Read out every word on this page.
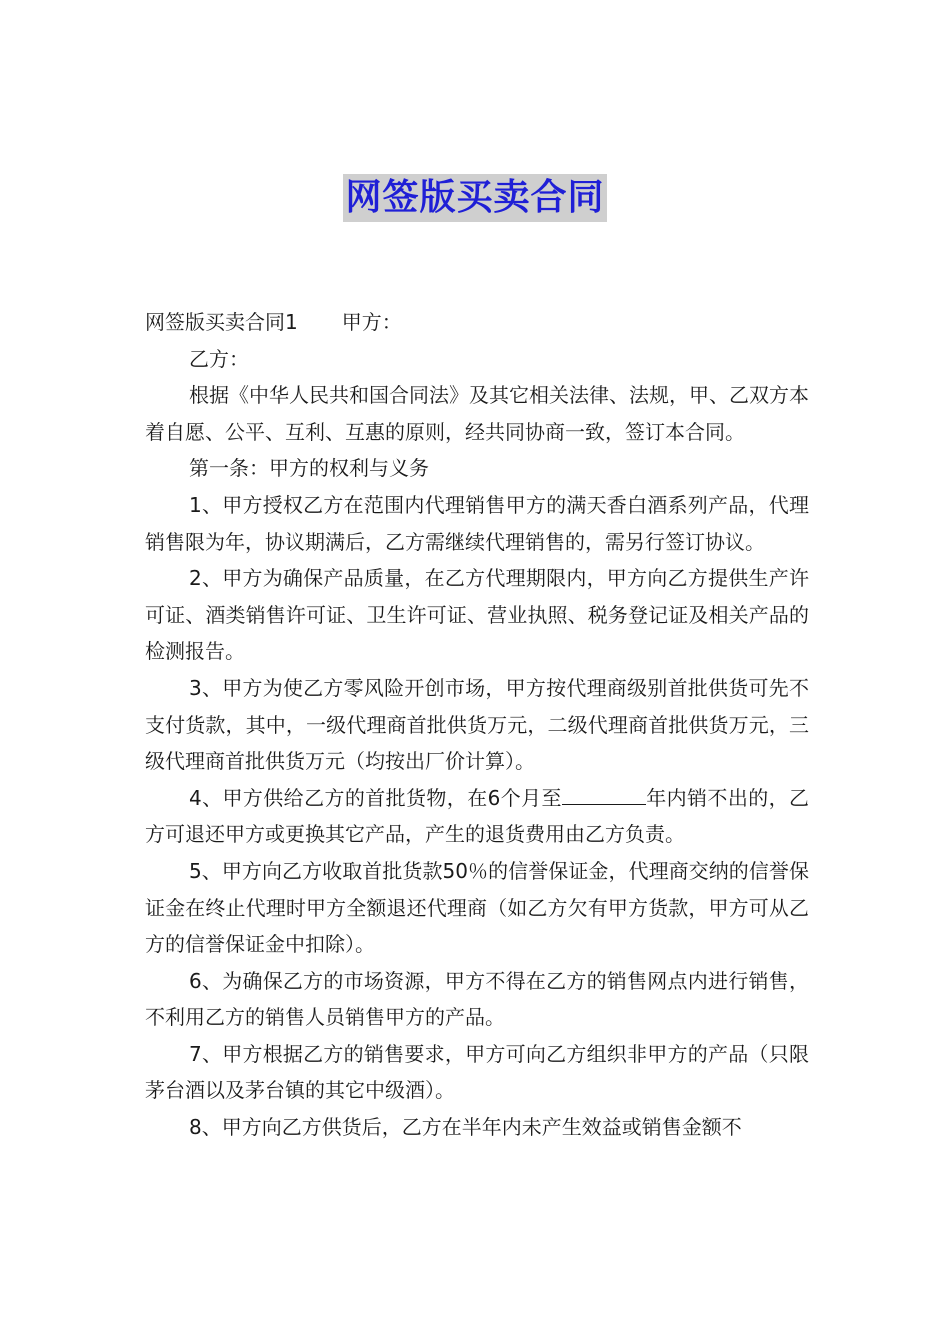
网签版买卖合同

网签版买卖合同1 甲方：

乙方：

根据《中华人民共和国合同法》及其它相关法律、法规，甲、乙双方本着自愿、公平、互利、互惠的原则，经共同协商一致，签订本合同。

第一条：甲方的权利与义务

1、甲方授权乙方在范围内代理销售甲方的满天香白酒系列产品，代理销售限为年，协议期满后，乙方需继续代理销售的，需另行签订协议。

2、甲方为确保产品质量，在乙方代理期限内，甲方向乙方提供生产许可证、酒类销售许可证、卫生许可证、营业执照、税务登记证及相关产品的检测报告。

3、甲方为使乙方零风险开创市场，甲方按代理商级别首批供货可先不支付货款，其中，一级代理商首批供货万元，二级代理商首批供货万元，三级代理商首批供货万元（均按出厂价计算）。

4、甲方供给乙方的首批货物，在6个月至	年内销不出的，乙方可退还甲方或更换其它产品，产生的退货费用由乙方负责。

5、甲方向乙方收取首批货款50％的信誉保证金，代理商交纳的信誉保证金在终止代理时甲方全额退还代理商（如乙方欠有甲方货款，甲方可从乙方的信誉保证金中扣除）。

6、为确保乙方的市场资源，甲方不得在乙方的销售网点内进行销售，不利用乙方的销售人员销售甲方的产品。

7、甲方根据乙方的销售要求，甲方可向乙方组织非甲方的产品（只限茅台酒以及茅台镇的其它中级酒）。

8、甲方向乙方供货后，乙方在半年内未产生效益或销售金额不
